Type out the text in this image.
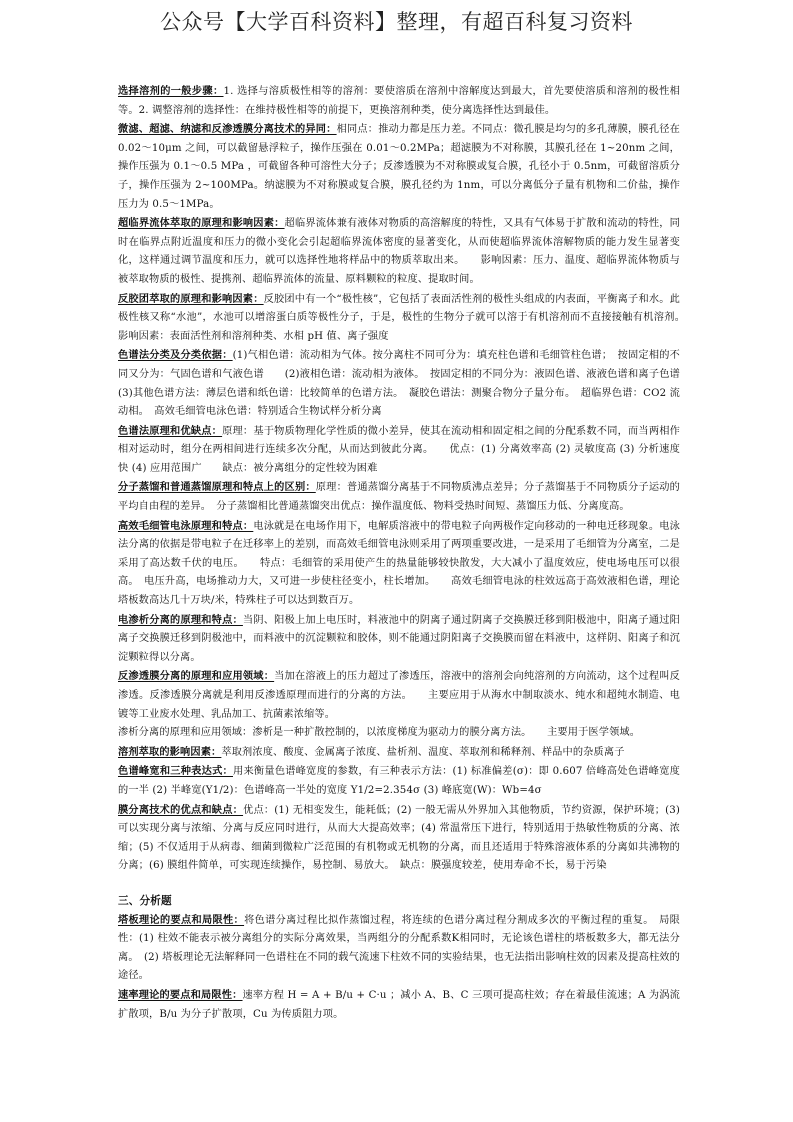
公众号【大学百科资料】整理，有超百科复习资料
选择溶剂的一般步骤：1. 选择与溶质极性相等的溶剂：要使溶质在溶剂中溶解度达到最大，首先要使溶质和溶剂的极性相等。2. 调整溶剂的选择性：在维持极性相等的前提下，更换溶剂种类，使分离选择性达到最佳。
微滤、超滤、纳滤和反渗透膜分离技术的异同：相同点：推动力都是压力差。不同点：微孔膜是均匀的多孔薄膜，膜孔径在 0.02～10μm 之间，可以截留悬浮粒子，操作压强在 0.01～0.2MPa；超滤膜为不对称膜，其膜孔径在 1~20nm 之间，操作压强为 0.1～0.5 MPa ，可截留各种可溶性大分子；反渗透膜为不对称膜或复合膜，孔径小于 0.5nm，可截留溶质分子，操作压强为 2~100MPa。纳滤膜为不对称膜或复合膜，膜孔径约为 1nm，可以分离低分子量有机物和二价盐，操作压力为 0.5～1MPa。
超临界流体萃取的原理和影响因素：超临界流体兼有液体对物质的高溶解度的特性，又具有气体易于扩散和流动的特性，同时在临界点附近温度和压力的微小变化会引起超临界流体密度的显著变化，从而使超临界流体溶解物质的能力发生显著变化，这样通过调节温度和压力，就可以选择性地将样品中的物质萃取出来。　　影响因素：压力、温度、超临界流体物质与被萃取物质的极性、提携剂、超临界流体的流量、原料颗粒的粒度、提取时间。
反胶团萃取的原理和影响因素：反胶团中有一个“极性核”，它包括了表面活性剂的极性头组成的内表面，平衡离子和水。此极性核又称“水池”，水池可以增溶蛋白质等极性分子，于是，极性的生物分子就可以溶于有机溶剂而不直接接触有机溶剂。　　影响因素：表面活性剂和溶剂种类、水相 pH 值、离子强度
色谱法分类及分类依据：(1)气相色谱：流动相为气体。按分离柱不同可分为：填充柱色谱和毛细管柱色谱；　按固定相的不同又分为：气固色谱和气液色谱　　(2)液相色谱：流动相为液体。　按固定相的不同分为：液固色谱、液液色谱和离子色谱　　(3)其他色谱方法：薄层色谱和纸色谱：比较简单的色谱方法。　凝胶色谱法：测聚合物分子量分布。　超临界色谱：CO2 流动相。　高效毛细管电泳色谱：特别适合生物试样分析分离
色谱法原理和优缺点：原理：基于物质物理化学性质的微小差异，使其在流动相和固定相之间的分配系数不同，而当两相作相对运动时，组分在两相间进行连续多次分配，从而达到彼此分离。　　优点：(1) 分离效率高 (2) 灵敏度高 (3) 分析速度快 (4) 应用范围广　　缺点：被分离组分的定性较为困难
分子蒸馏和普通蒸馏原理和特点上的区别：原理：普通蒸馏分离基于不同物质沸点差异；分子蒸馏基于不同物质分子运动的平均自由程的差异。　分子蒸馏相比普通蒸馏突出优点：操作温度低、物料受热时间短、蒸馏压力低、分离度高。
高效毛细管电泳原理和特点：电泳就是在电场作用下，电解质溶液中的带电粒子向两极作定向移动的一种电迁移现象。电泳法分离的依据是带电粒子在迁移率上的差别，而高效毛细管电泳则采用了两项重要改进，一是采用了毛细管为分离室，二是采用了高达数千伏的电压。　　特点：毛细管的采用使产生的热量能够较快散发，大大减小了温度效应，使电场电压可以很高。　电压升高，电场推动力大，又可进一步使柱径变小，柱长增加。　　高效毛细管电泳的柱效远高于高效液相色谱，理论塔板数高达几十万块/米，特殊柱子可以达到数百万。
电渗析分离的原理和特点：当阴、阳极上加上电压时，料液池中的阴离子通过阴离子交换膜迁移到阳极池中，阳离子通过阳离子交换膜迁移到阴极池中，而料液中的沉淀颗粒和胶体，则不能通过阴阳离子交换膜而留在料液中，这样阴、阳离子和沉淀颗粒得以分离。
反渗透膜分离的原理和应用领域：当加在溶液上的压力超过了渗透压，溶液中的溶剂会向纯溶剂的方向流动，这个过程叫反渗透。反渗透膜分离就是利用反渗透原理而进行的分离的方法。　　主要应用于从海水中制取淡水、纯水和超纯水制造、电镀等工业废水处理、乳品加工、抗菌素浓缩等。
渗析分离的原理和应用领域：渗析是一种扩散控制的，以浓度梯度为驱动力的膜分离方法。　　主要用于医学领域。
溶剂萃取的影响因素：萃取剂浓度、酸度、金属离子浓度、盐析剂、温度、萃取剂和稀释剂、样品中的杂质离子
色谱峰宽和三种表达式：用来衡量色谱峰宽度的参数，有三种表示方法：(1) 标准偏差(σ)：即 0.607 倍峰高处色谱峰宽度的一半 (2) 半峰宽(Y1/2)：色谱峰高一半处的宽度 Y1/2=2.354σ (3) 峰底宽(W)：Wb=4σ
膜分离技术的优点和缺点：优点：(1) 无相变发生，能耗低；(2) 一般无需从外界加入其他物质，节约资源，保护环境；(3) 可以实现分离与浓缩、分离与反应同时进行，从而大大提高效率；(4) 常温常压下进行，特别适用于热敏性物质的分离、浓缩；(5) 不仅适用于从病毒、细菌到微粒广泛范围的有机物或无机物的分离，而且还适用于特殊溶液体系的分离如共沸物的分离；(6) 膜组件简单，可实现连续操作，易控制、易放大。　缺点：膜强度较差，使用寿命不长，易于污染
三、分析题
塔板理论的要点和局限性：将色谱分离过程比拟作蒸馏过程，将连续的色谱分离过程分割成多次的平衡过程的重复。　局限性：(1) 柱效不能表示被分离组分的实际分离效果，当两组分的分配系数K相同时，无论该色谱柱的塔板数多大，都无法分离。　(2) 塔板理论无法解释同一色谱柱在不同的载气流速下柱效不同的实验结果，也无法指出影响柱效的因素及提高柱效的途径。
速率理论的要点和局限性：速率方程 H = A + B/u + C·u ；减小 A、B、C 三项可提高柱效；存在着最佳流速；A 为涡流扩散项，B/u 为分子扩散项，Cu 为传质阻力项。
